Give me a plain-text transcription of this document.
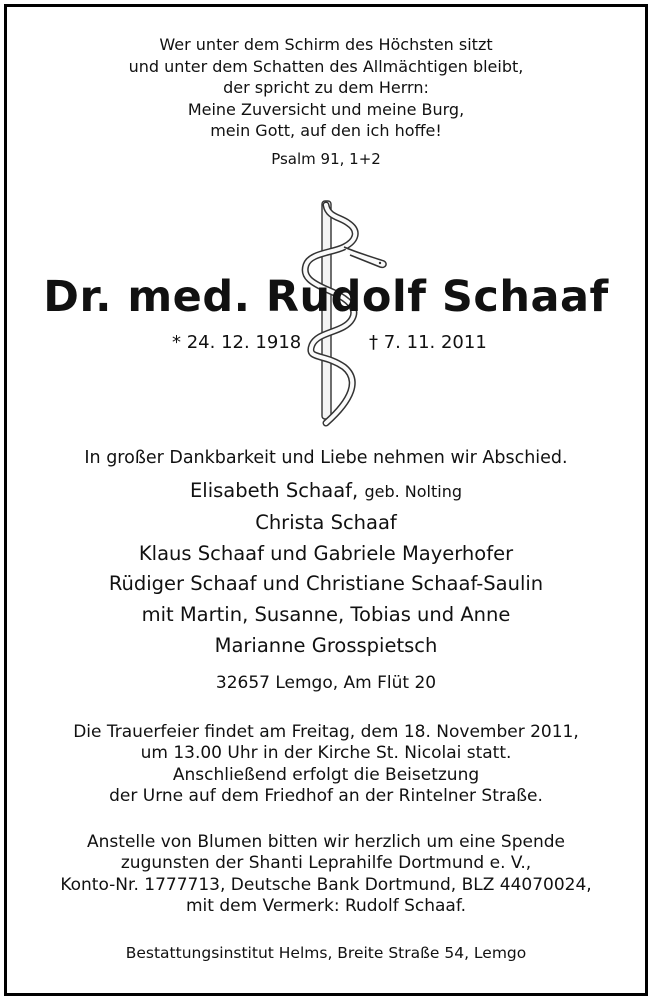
Wer unter dem Schirm des Höchsten sitzt
und unter dem Schatten des Allmächtigen bleibt,
der spricht zu dem Herrn:
Meine Zuversicht und meine Burg,
mein Gott, auf den ich hoffe!
Psalm 91, 1+2
Dr. med. Rudolf Schaaf
* 24. 12. 1918	† 7. 11. 2011
In großer Dankbarkeit und Liebe nehmen wir Abschied.
Elisabeth Schaaf, geb. Nolting
Christa Schaaf
Klaus Schaaf und Gabriele Mayerhofer
Rüdiger Schaaf und Christiane Schaaf-Saulin
mit Martin, Susanne, Tobias und Anne
Marianne Grosspietsch
32657 Lemgo, Am Flüt 20
Die Trauerfeier findet am Freitag, dem 18. November 2011,
um 13.00 Uhr in der Kirche St. Nicolai statt.
Anschließend erfolgt die Beisetzung
der Urne auf dem Friedhof an der Rintelner Straße.
Anstelle von Blumen bitten wir herzlich um eine Spende
zugunsten der Shanti Leprahilfe Dortmund e. V.,
Konto-Nr. 1777713, Deutsche Bank Dortmund, BLZ 44070024,
mit dem Vermerk: Rudolf Schaaf.
Bestattungsinstitut Helms, Breite Straße 54, Lemgo
